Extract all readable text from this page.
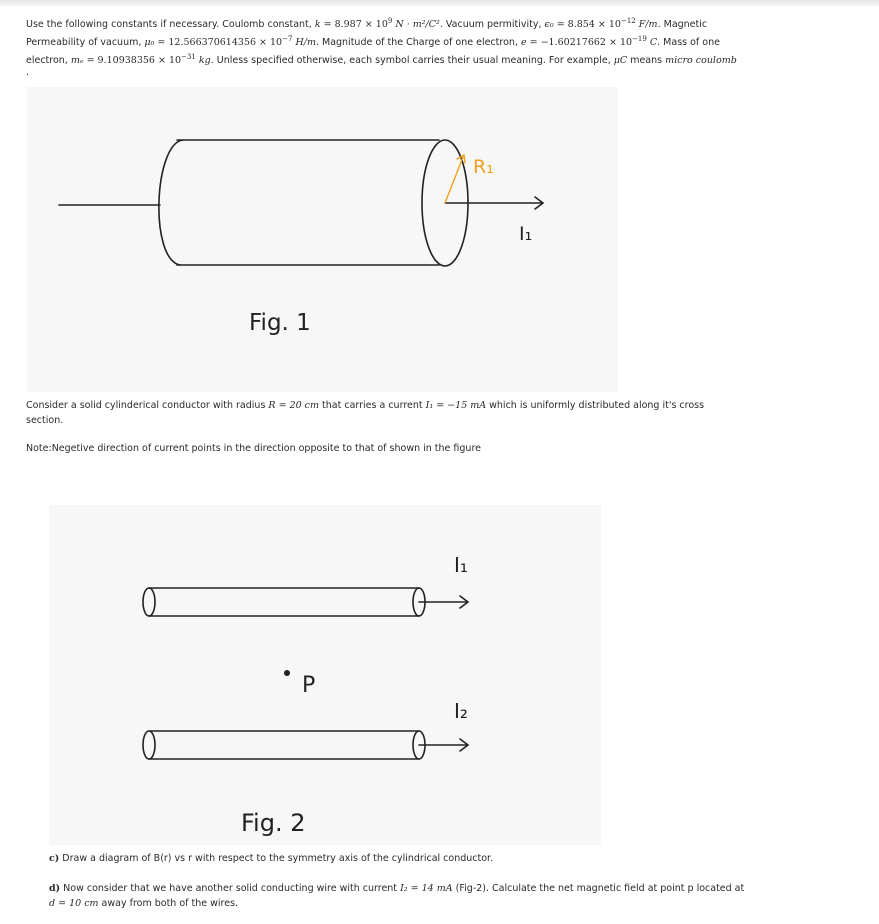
Use the following constants if necessary. Coulomb constant, $k = 8.987 \times 10^9$ N · m²/C². Vacuum permitivity, $\epsilon_0 = 8.854 \times 10^{-12}$ F/m. Magnetic
Permeability of vacuum, $\mu_0 = 12.566370614356 \times 10^{-7}$ H/m. Magnitude of the Charge of one electron, $e = -1.60217662 \times 10^{-19}$ C. Mass of one
electron, $m_e = 9.10938356 \times 10^{-31}$ kg. Unless specified otherwise, each symbol carries their usual meaning. For example, μC means micro coulomb
.
R₁
I₁
Fig. 1
Consider a solid cylinderical conductor with radius R = 20 cm that carries a current I₁ = −15 mA which is uniformly distributed along it's cross
section.
Note:Negetive direction of current points in the direction opposite to that of shown in the figure
I₁
I₂
P
Fig. 2
c) Draw a diagram of B(r) vs r with respect to the symmetry axis of the cylindrical conductor.
d) Now consider that we have another solid conducting wire with current I₂ = 14 mA (Fig-2). Calculate the net magnetic field at point p located at
d = 10 cm away from both of the wires.
